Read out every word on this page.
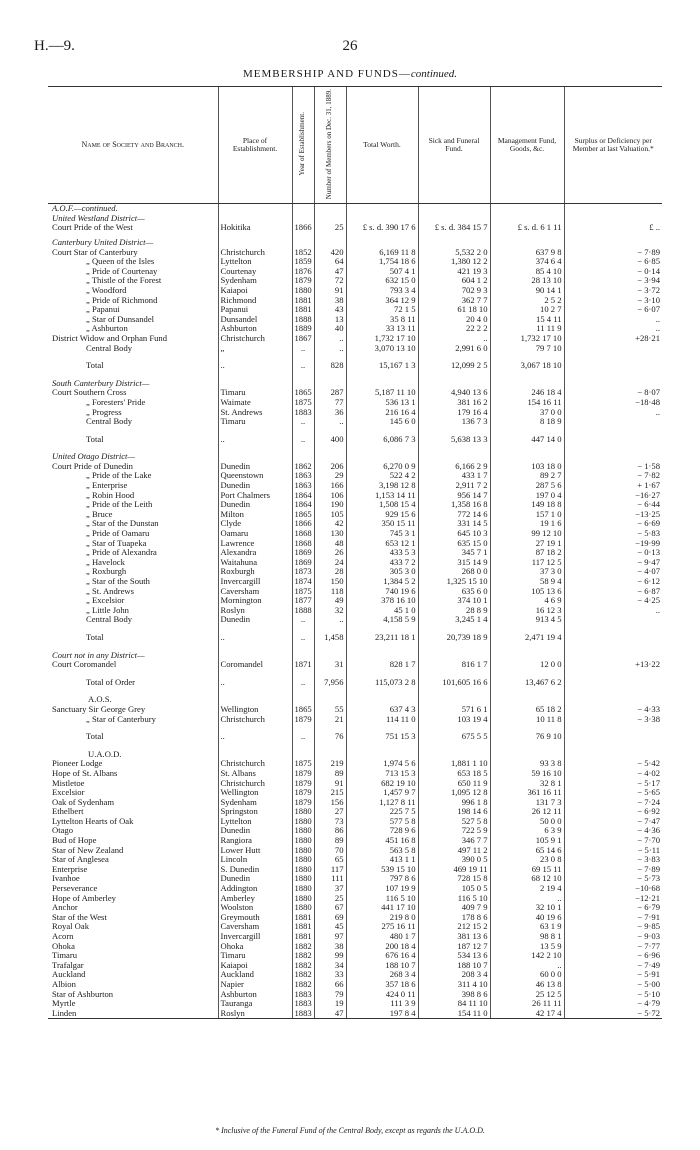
H.—9.	26
MEMBERSHIP AND FUNDS—continued.
Name of Society and Branch.	Place of Establishment.	Year of Establishment.	Number of Members on Dec. 31, 1889.	Total Worth.	Sick and Funeral Fund.	Management Fund, Goods, &c.	Surplus or Deficiency per Member at last Valuation.*
A.O.F.—continued.							
United Westland District—							
Court Pride of the West	Hokitika	1866	25	£ s. d. 390 17 6	£ s. d. 384 15 7	£ s. d. 6 1 11	£ ..

Canterbury United District—							
Court Star of Canterbury	Christchurch	1852	420	6,169 11 8	5,532 2 0	637 9 8	− 7·89
„ Queen of the Isles	Lyttelton	1859	64	1,754 18 6	1,380 12 2	374 6 4	− 6·85
„ Pride of Courtenay	Courtenay	1876	47	507 4 1	421 19 3	85 4 10	− 0·14
„ Thistle of the Forest	Sydenham	1879	72	632 15 0	604 1 2	28 13 10	− 3·94
„ Woodford	Kaiapoi	1880	91	793 3 4	702 9 3	90 14 1	− 3·72
„ Pride of Richmond	Richmond	1881	38	364 12 9	362 7 7	2 5 2	− 3·10
„ Papanui	Papanui	1881	43	72 1 5	61 18 10	10 2 7	− 6·07
„ Star of Dunsandel	Dunsandel	1888	13	35 8 11	20 4 0	15 4 11	..
„ Ashburton	Ashburton	1889	40	33 13 11	22 2 2	11 11 9	..
District Widow and Orphan Fund	Christchurch	1867	..	1,732 17 10	..	1,732 17 10	+28·21
Central Body	„	..	..	3,070 13 10	2,991 6 0	79 7 10	

Total	..	..	828	15,167 1 3	12,099 2 5	3,067 18 10	

South Canterbury District—							
Court Southern Cross	Timaru	1865	287	5,187 11 10	4,940 13 6	246 18 4	− 8·07
„ Foresters' Pride	Waimate	1875	77	536 13 1	381 16 2	154 16 11	−18·48
„ Progress	St. Andrews	1883	36	216 16 4	179 16 4	37 0 0	..
Central Body	Timaru	..	..	145 6 0	136 7 3	8 18 9	

Total	..	..	400	6,086 7 3	5,638 13 3	447 14 0	

United Otago District—							
Court Pride of Dunedin	Dunedin	1862	206	6,270 0 9	6,166 2 9	103 18 0	− 1·58
„ Pride of the Lake	Queenstown	1863	29	522 4 2	433 1 7	89 2 7	− 7·82
„ Enterprise	Dunedin	1863	166	3,198 12 8	2,911 7 2	287 5 6	+ 1·67
„ Robin Hood	Port Chalmers	1864	106	1,153 14 11	956 14 7	197 0 4	−16·27
„ Pride of the Leith	Dunedin	1864	190	1,508 15 4	1,358 16 8	149 18 8	− 6·44
„ Bruce	Milton	1865	105	929 15 6	772 14 6	157 1 0	−13·25
„ Star of the Dunstan	Clyde	1866	42	350 15 11	331 14 5	19 1 6	− 6·69
„ Pride of Oamaru	Oamaru	1868	130	745 3 1	645 10 3	99 12 10	− 5·83
„ Star of Tuapeka	Lawrence	1868	48	653 12 1	635 15 0	27 19 1	−19·99
„ Pride of Alexandra	Alexandra	1869	26	433 5 3	345 7 1	87 18 2	− 0·13
„ Havelock	Waitahuna	1869	24	433 7 2	315 14 9	117 12 5	− 9·47
„ Roxburgh	Roxburgh	1873	28	305 3 0	268 0 0	37 3 0	− 4·07
„ Star of the South	Invercargill	1874	150	1,384 5 2	1,325 15 10	58 9 4	− 6·12
„ St. Andrews	Caversham	1875	118	740 19 6	635 6 0	105 13 6	− 6·87
„ Excelsior	Mornington	1877	49	378 16 10	374 10 1	4 6 9	− 4·25
„ Little John	Roslyn	1888	32	45 1 0	28 8 9	16 12 3	..
Central Body	Dunedin	..	..	4,158 5 9	3,245 1 4	913 4 5	

Total	..	..	1,458	23,211 18 1	20,739 18 9	2,471 19 4	

Court not in any District—							
Court Coromandel	Coromandel	1871	31	828 1 7	816 1 7	12 0 0	+13·22

Total of Order	..	..	7,956	115,073 2 8	101,605 16 6	13,467 6 2	

A.O.S.							
Sanctuary Sir George Grey	Wellington	1865	55	637 4 3	571 6 1	65 18 2	− 4·33
„ Star of Canterbury	Christchurch	1879	21	114 11 0	103 19 4	10 11 8	− 3·38

Total	..	..	76	751 15 3	675 5 5	76 9 10	

U.A.O.D.							
Pioneer Lodge	Christchurch	1875	219	1,974 5 6	1,881 1 10	93 3 8	− 5·42
Hope of St. Albans	St. Albans	1879	89	713 15 3	653 18 5	59 16 10	− 4·02
Mistletoe	Christchurch	1879	91	682 19 10	650 11 9	32 8 1	− 5·17
Excelsior	Wellington	1879	215	1,457 9 7	1,095 12 8	361 16 11	− 5·65
Oak of Sydenham	Sydenham	1879	156	1,127 8 11	996 1 8	131 7 3	− 7·24
Ethelbert	Springston	1880	27	225 7 5	198 14 6	26 12 11	− 6·92
Lyttelton Hearts of Oak	Lyttelton	1880	73	577 5 8	527 5 8	50 0 0	− 7·47
Otago	Dunedin	1880	86	728 9 6	722 5 9	6 3 9	− 4·36
Bud of Hope	Rangiora	1880	89	451 16 8	346 7 7	105 9 1	− 7·70
Star of New Zealand	Lower Hutt	1880	70	563 5 8	497 11 2	65 14 6	− 5·11
Star of Anglesea	Lincoln	1880	65	413 1 1	390 0 5	23 0 8	− 3·83
Enterprise	S. Dunedin	1880	117	539 15 10	469 19 11	69 15 11	− 7·89
Ivanhoe	Dunedin	1880	111	797 8 6	728 15 8	68 12 10	− 5·73
Perseverance	Addington	1880	37	107 19 9	105 0 5	2 19 4	−10·68
Hope of Amberley	Amberley	1880	25	116 5 10	116 5 10	..	−12·21
Anchor	Woolston	1880	67	441 17 10	409 7 9	32 10 1	− 6·79
Star of the West	Greymouth	1881	69	219 8 0	178 8 6	40 19 6	− 7·91
Royal Oak	Caversham	1881	45	275 16 11	212 15 2	63 1 9	− 9·85
Acorn	Invercargill	1881	97	480 1 7	381 13 6	98 8 1	− 9·03
Ohoka	Ohoka	1882	38	200 18 4	187 12 7	13 5 9	− 7·77
Timaru	Timaru	1882	99	676 16 4	534 13 6	142 2 10	− 6·96
Trafalgar	Kaiapoi	1882	34	188 10 7	188 10 7	..	− 7·49
Auckland	Auckland	1882	33	268 3 4	208 3 4	60 0 0	− 5·91
Albion	Napier	1882	66	357 18 6	311 4 10	46 13 8	− 5·00
Star of Ashburton	Ashburton	1883	79	424 0 11	398 8 6	25 12 5	− 5·10
Myrtle	Tauranga	1883	19	111 3 9	84 11 10	26 11 11	− 4·79
Linden	Roslyn	1883	47	197 8 4	154 11 0	42 17 4	− 5·72
* Inclusive of the Funeral Fund of the Central Body, except as regards the U.A.O.D.
